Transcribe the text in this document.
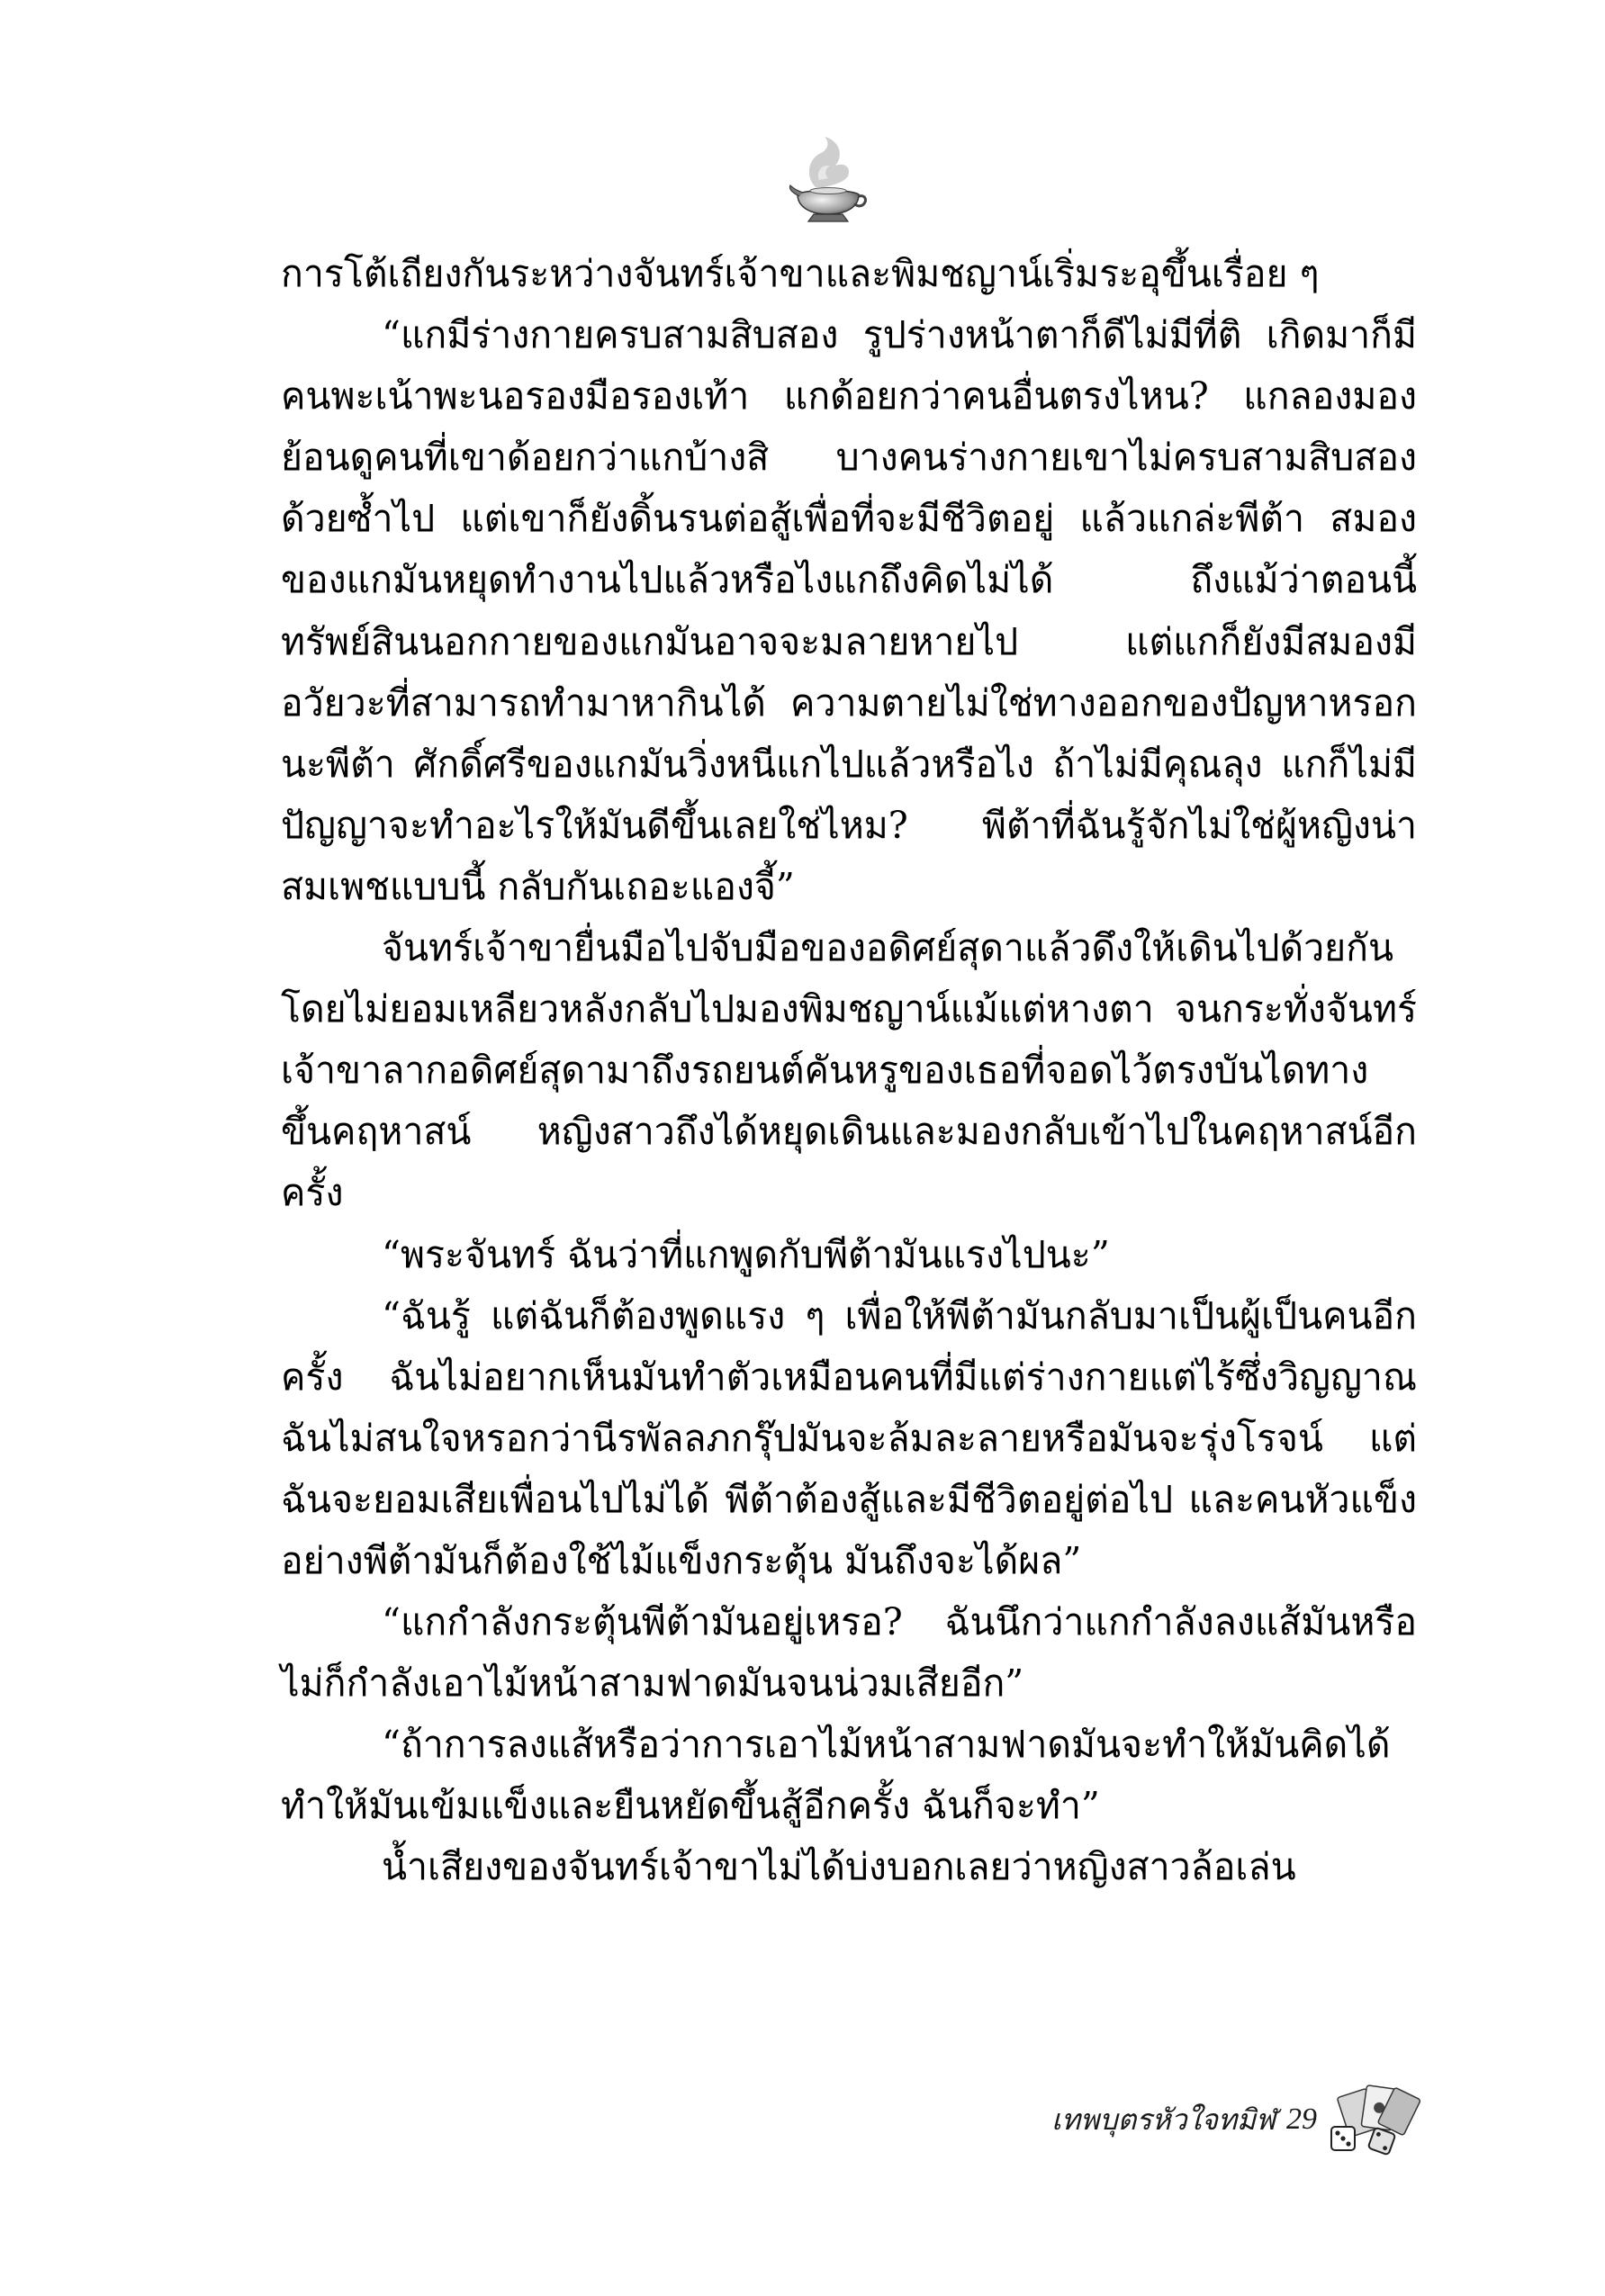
การโต้เถียงกันระหว่างจันทร์เจ้าขาและพิมชญาน์เริ่มระอุขึ้นเรื่อย ๆ

“แกมีร่างกายครบสามสิบสอง รูปร่างหน้าตาก็ดีไม่มีที่ติ เกิดมาก็มีคนพะเน้าพะนอรองมือรองเท้า แกด้อยกว่าคนอื่นตรงไหน? แกลองมองย้อนดูคนที่เขาด้อยกว่าแกบ้างสิ บางคนร่างกายเขาไม่ครบสามสิบสองด้วยซ้ำไป แต่เขาก็ยังดิ้นรนต่อสู้เพื่อที่จะมีชีวิตอยู่ แล้วแกล่ะพีต้า สมองของแกมันหยุดทำงานไปแล้วหรือไงแกถึงคิดไม่ได้ ถึงแม้ว่าตอนนี้ทรัพย์สินนอกกายของแกมันอาจจะมลายหายไป แต่แกก็ยังมีสมองมีอวัยวะที่สามารถทำมาหากินได้ ความตายไม่ใช่ทางออกของปัญหาหรอกนะพีต้า ศักดิ์ศรีของแกมันวิ่งหนีแกไปแล้วหรือไง ถ้าไม่มีคุณลุง แกก็ไม่มีปัญญาจะทำอะไรให้มันดีขึ้นเลยใช่ไหม? พีต้าที่ฉันรู้จักไม่ใช่ผู้หญิงน่าสมเพชแบบนี้ กลับกันเถอะแองจี้”

จันทร์เจ้าขายื่นมือไปจับมือของอดิศย์สุดาแล้วดึงให้เดินไปด้วยกัน โดยไม่ยอมเหลียวหลังกลับไปมองพิมชญาน์แม้แต่หางตา จนกระทั่งจันทร์เจ้าขาลากอดิศย์สุดามาถึงรถยนต์คันหรูของเธอที่จอดไว้ตรงบันไดทางขึ้นคฤหาสน์ หญิงสาวถึงได้หยุดเดินและมองกลับเข้าไปในคฤหาสน์อีกครั้ง

“พระจันทร์ ฉันว่าที่แกพูดกับพีต้ามันแรงไปนะ”

“ฉันรู้ แต่ฉันก็ต้องพูดแรง ๆ เพื่อให้พีต้ามันกลับมาเป็นผู้เป็นคนอีกครั้ง ฉันไม่อยากเห็นมันทำตัวเหมือนคนที่มีแต่ร่างกายแต่ไร้ซึ่งวิญญาณ ฉันไม่สนใจหรอกว่านีรพัลลภกรุ๊ปมันจะล้มละลายหรือมันจะรุ่งโรจน์ แต่ฉันจะยอมเสียเพื่อนไปไม่ได้ พีต้าต้องสู้และมีชีวิตอยู่ต่อไป และคนหัวแข็งอย่างพีต้ามันก็ต้องใช้ไม้แข็งกระตุ้น มันถึงจะได้ผล”

“แกกำลังกระตุ้นพีต้ามันอยู่เหรอ? ฉันนึกว่าแกกำลังลงแส้มันหรือไม่ก็กำลังเอาไม้หน้าสามฟาดมันจนน่วมเสียอีก”

“ถ้าการลงแส้หรือว่าการเอาไม้หน้าสามฟาดมันจะทำให้มันคิดได้ ทำให้มันเข้มแข็งและยืนหยัดขึ้นสู้อีกครั้ง ฉันก็จะทำ”

น้ำเสียงของจันทร์เจ้าขาไม่ได้บ่งบอกเลยว่าหญิงสาวล้อเล่น

เทพบุตรหัวใจทมิฬ 29
